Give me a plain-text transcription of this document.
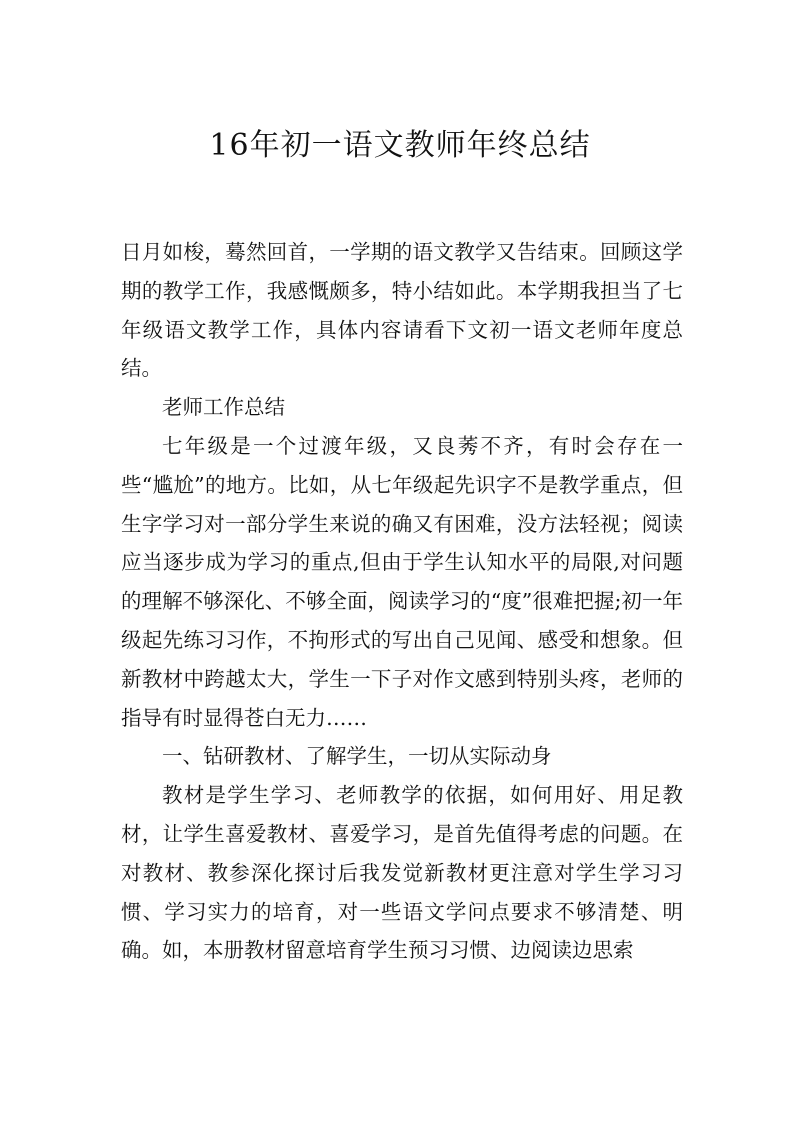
16年初一语文教师年终总结

日月如梭，蓦然回首，一学期的语文教学又告结束。回顾这学期的教学工作，我感慨颇多，特小结如此。本学期我担当了七年级语文教学工作，具体内容请看下文初一语文老师年度总结。

老师工作总结

七年级是一个过渡年级，又良莠不齐，有时会存在一些“尴尬”的地方。比如，从七年级起先识字不是教学重点，但生字学习对一部分学生来说的确又有困难，没方法轻视；阅读应当逐步成为学习的重点,但由于学生认知水平的局限,对问题的理解不够深化、不够全面，阅读学习的“度”很难把握;初一年级起先练习习作，不拘形式的写出自己见闻、感受和想象。但新教材中跨越太大，学生一下子对作文感到特别头疼，老师的指导有时显得苍白无力……

一、钻研教材、了解学生，一切从实际动身

教材是学生学习、老师教学的依据，如何用好、用足教材，让学生喜爱教材、喜爱学习，是首先值得考虑的问题。在对教材、教参深化探讨后我发觉新教材更注意对学生学习习惯、学习实力的培育，对一些语文学问点要求不够清楚、明确。如，本册教材留意培育学生预习习惯、边阅读边思索
